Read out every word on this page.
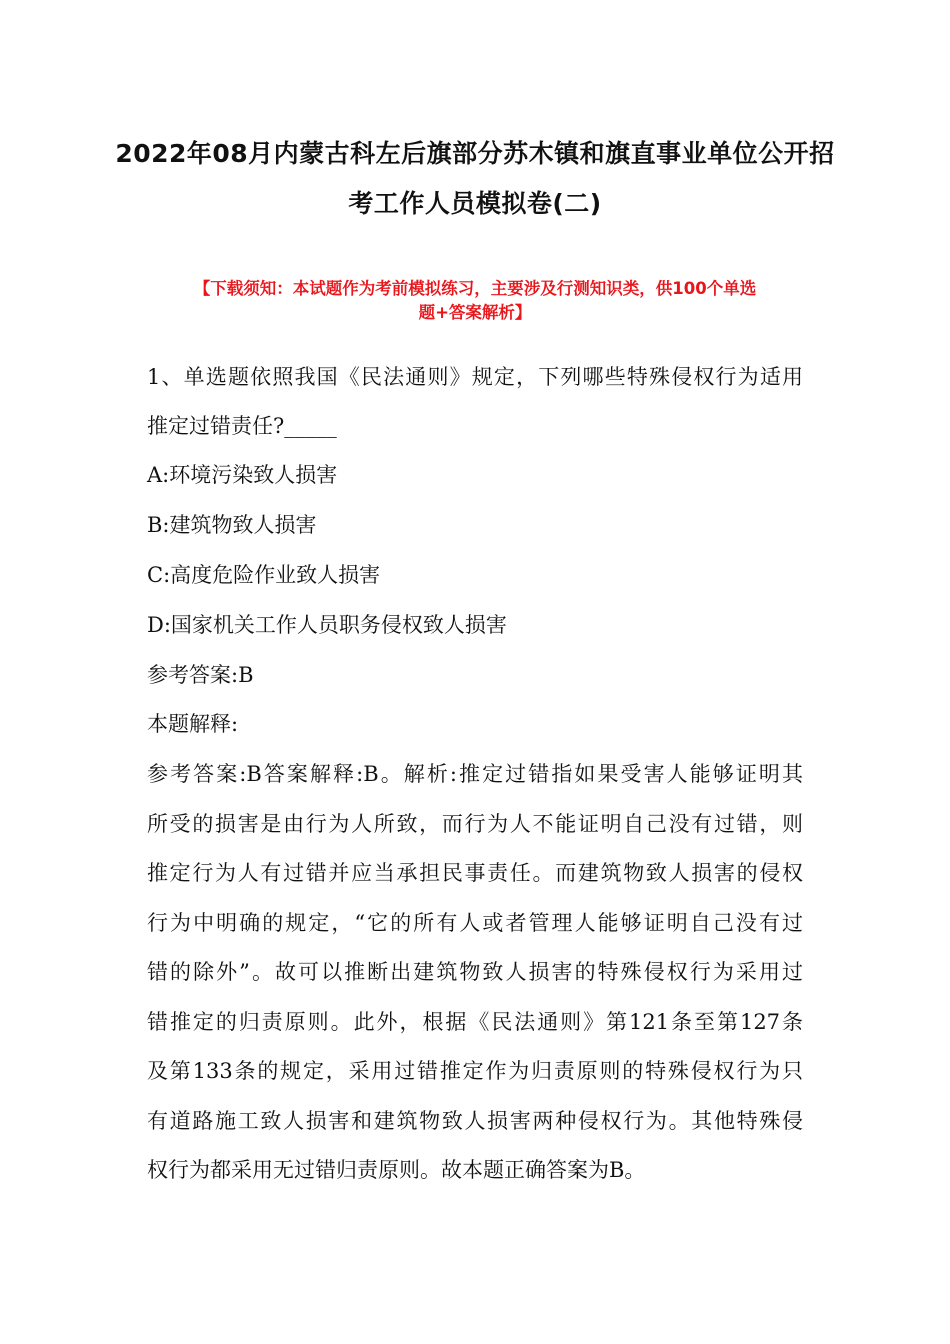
2022年08月内蒙古科左后旗部分苏木镇和旗直事业单位公开招
考工作人员模拟卷(二)
【下载须知：本试题作为考前模拟练习，主要涉及行测知识类，供100个单选
题+答案解析】
1、单选题依照我国《民法通则》规定，下列哪些特殊侵权行为适用
推定过错责任?_____
A:环境污染致人损害
B:建筑物致人损害
C:高度危险作业致人损害
D:国家机关工作人员职务侵权致人损害
参考答案:B
本题解释:
参考答案:B答案解释:B。解析:推定过错指如果受害人能够证明其
所受的损害是由行为人所致，而行为人不能证明自己没有过错，则
推定行为人有过错并应当承担民事责任。而建筑物致人损害的侵权
行为中明确的规定，“它的所有人或者管理人能够证明自己没有过
错的除外”。故可以推断出建筑物致人损害的特殊侵权行为采用过
错推定的归责原则。此外，根据《民法通则》第121条至第127条
及第133条的规定，采用过错推定作为归责原则的特殊侵权行为只
有道路施工致人损害和建筑物致人损害两种侵权行为。其他特殊侵
权行为都采用无过错归责原则。故本题正确答案为B。
